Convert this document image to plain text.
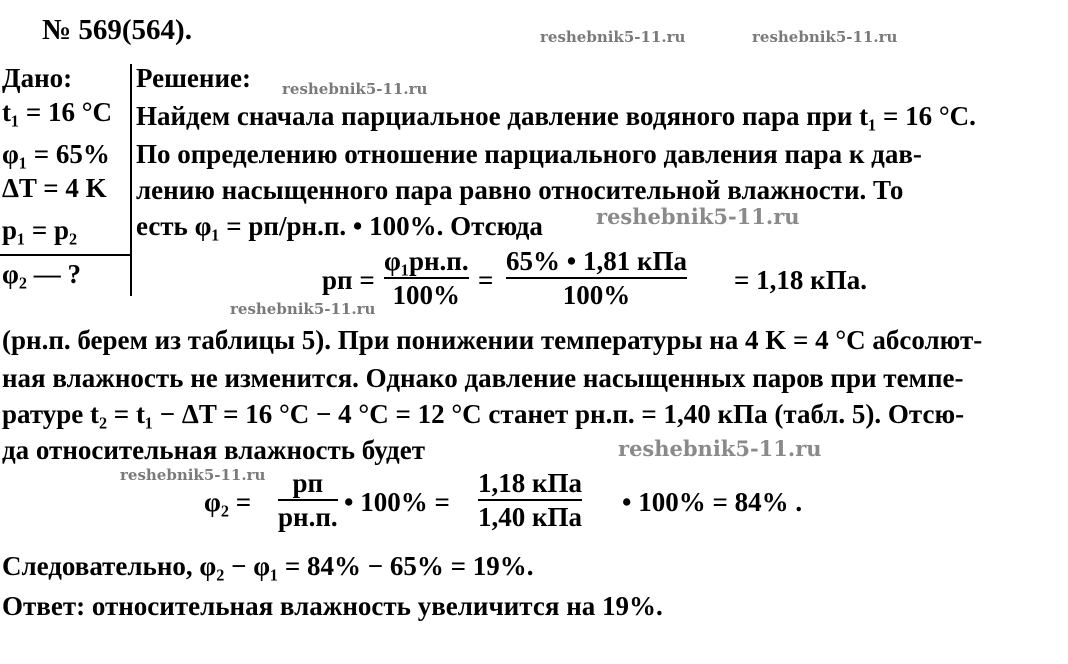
№ 569(564).	reshebnik5-11.ru	reshebnik5-11.ru
Дано:
t₁ = 16 °C
φ₁ = 65%
ΔT = 4 K
p₁ = p₂
φ₂ — ?
Решение: reshebnik5-11.ru
Найдем сначала парциальное давление водяного пара при t₁ = 16 °C.
По определению отношение парциального давления пара к дав-
лению насыщенного пара равно относительной влажности. То
есть φ₁ = pп/pн.п. • 100%. Отсюда	reshebnik5-11.ru
pп =
φ₁pн.п.
100% =
65% • 1,81 кПа
100%	= 1,18 кПа.
reshebnik5-11.ru
(pн.п. берем из таблицы 5). При понижении температуры на 4 K = 4 °C абсолют-
ная влажность не изменится. Однако давление насыщенных паров при темпе-
ратуре t₂ = t₁ − ΔT = 16 °C − 4 °C = 12 °C станет pн.п. = 1,40 кПа (табл. 5). Отсю-
да относительная влажность будет	reshebnik5-11.ru
reshebnik5-11.ru
φ₂ =
pп
pн.п. • 100% =
1,18 кПа
1,40 кПа • 100% = 84% .
Следовательно, φ₂ − φ₁ = 84% − 65% = 19%.
Ответ: относительная влажность увеличится на 19%.
